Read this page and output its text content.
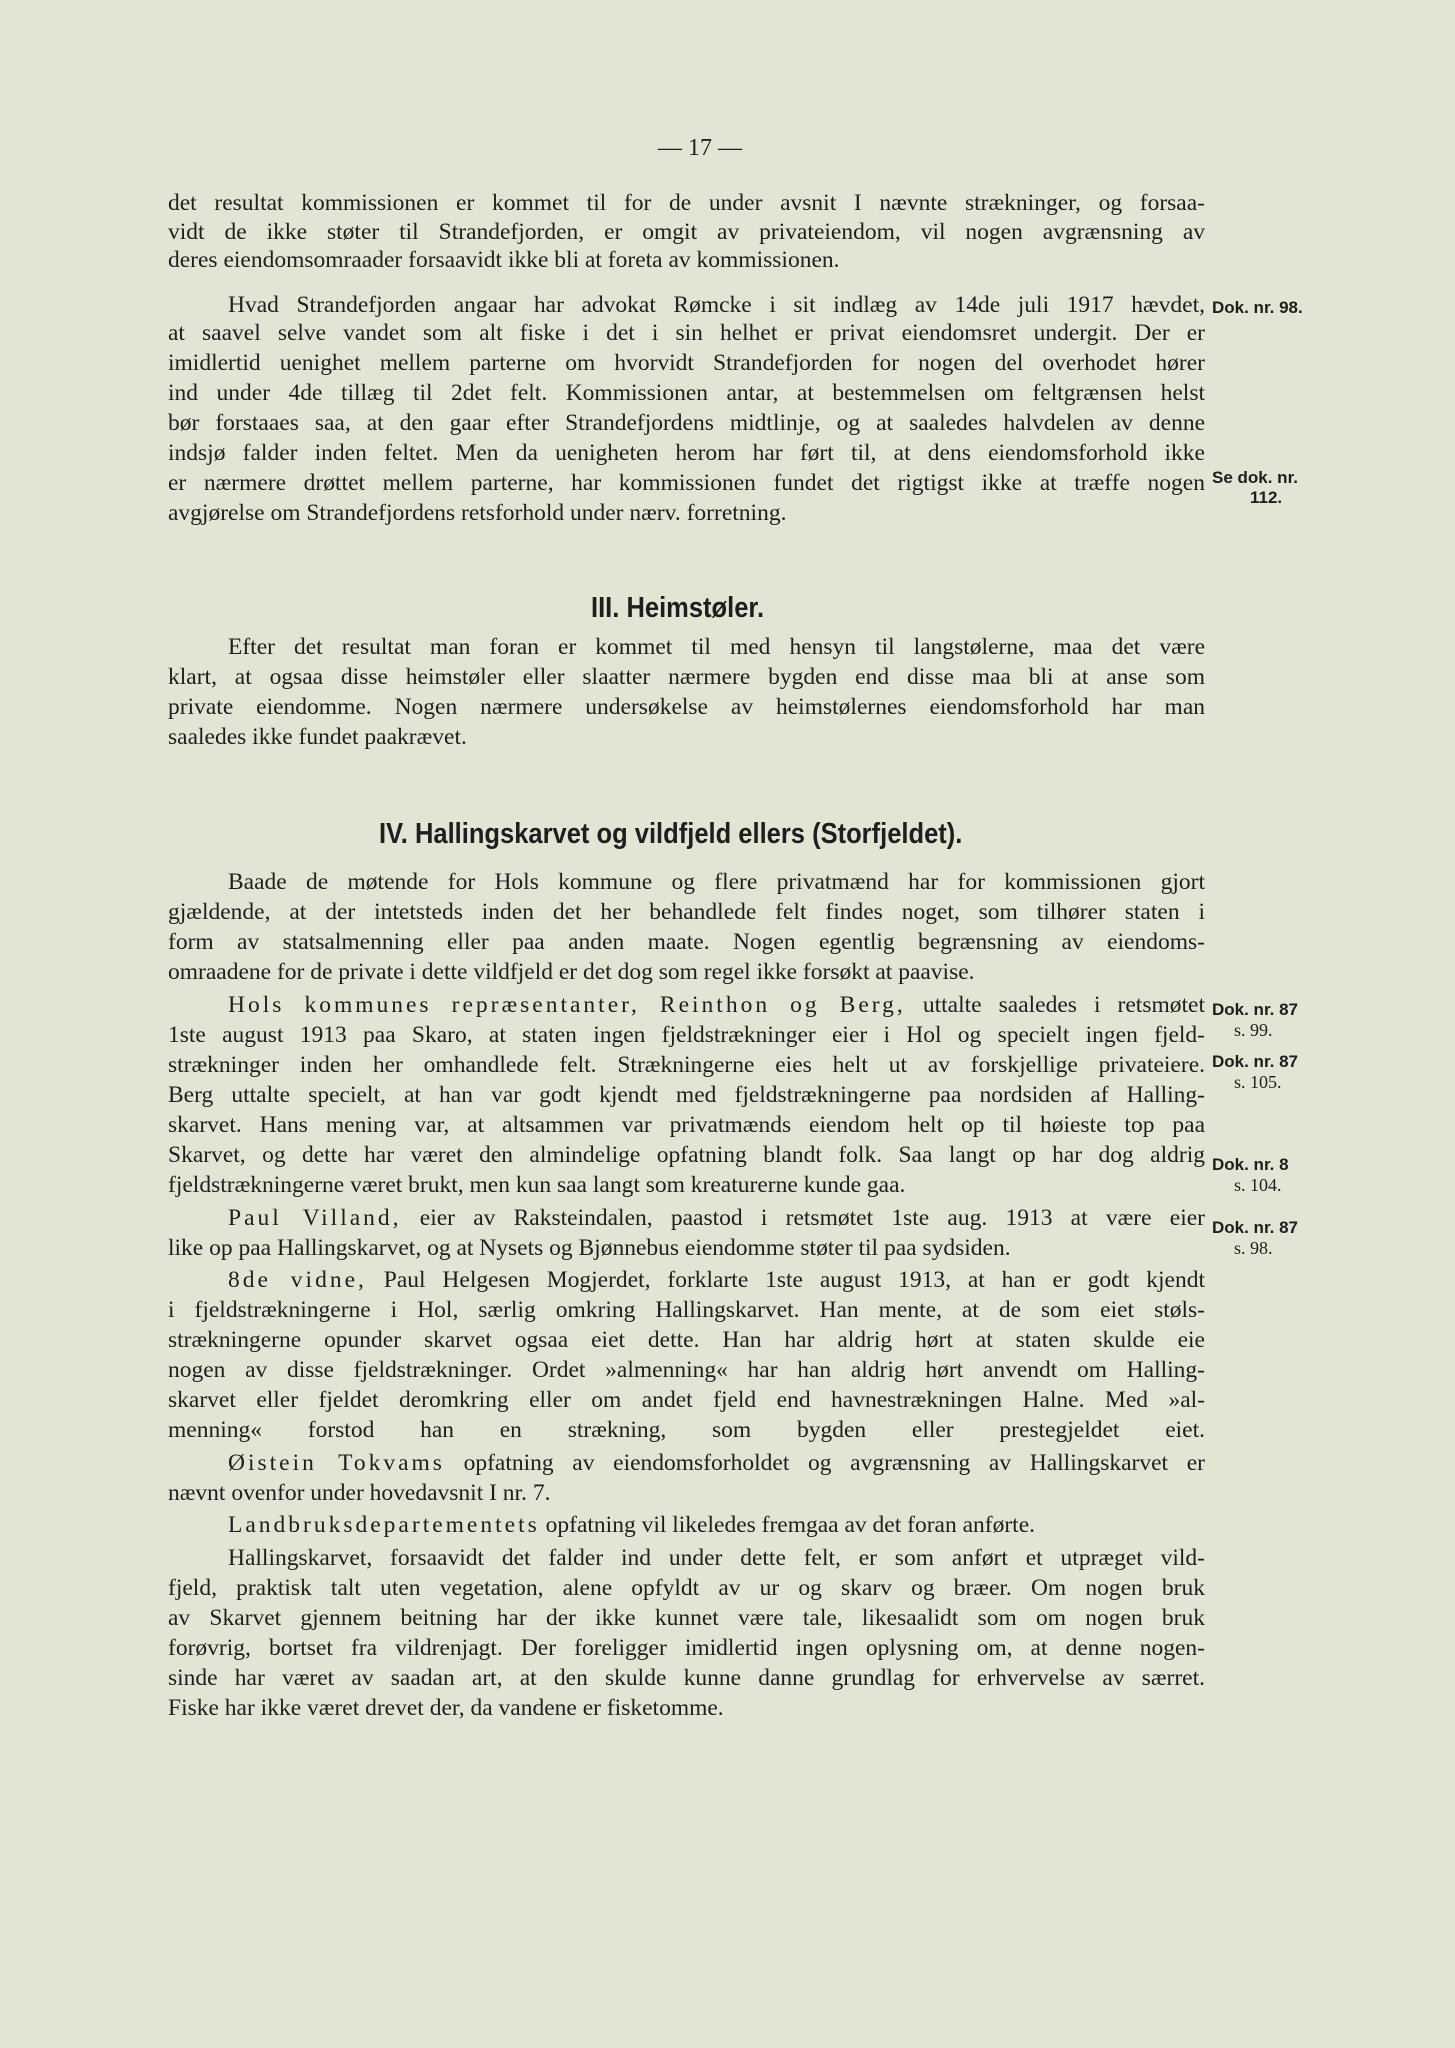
— 17 —
det resultat kommissionen er kommet til for de under avsnit I nævnte strækninger, og forsaa-
vidt de ikke støter til Strandefjorden, er omgit av privateiendom, vil nogen avgrænsning av
deres eiendomsomraader forsaavidt ikke bli at foreta av kommissionen.
Hvad Strandefjorden angaar har advokat Rømcke i sit indlæg av 14de juli 1917 hævdet,
at saavel selve vandet som alt fiske i det i sin helhet er privat eiendomsret undergit. Der er
imidlertid uenighet mellem parterne om hvorvidt Strandefjorden for nogen del overhodet hører
ind under 4de tillæg til 2det felt. Kommissionen antar, at bestemmelsen om feltgrænsen helst
bør forstaaes saa, at den gaar efter Strandefjordens midtlinje, og at saaledes halvdelen av denne
indsjø falder inden feltet. Men da uenigheten herom har ført til, at dens eiendomsforhold ikke
er nærmere drøttet mellem parterne, har kommissionen fundet det rigtigst ikke at træffe nogen
avgjørelse om Strandefjordens retsforhold under nærv. forretning.
Efter det resultat man foran er kommet til med hensyn til langstølerne, maa det være
klart, at ogsaa disse heimstøler eller slaatter nærmere bygden end disse maa bli at anse som
private eiendomme. Nogen nærmere undersøkelse av heimstølernes eiendomsforhold har man
saaledes ikke fundet paakrævet.
Baade de møtende for Hols kommune og flere privatmænd har for kommissionen gjort
gjældende, at der intetsteds inden det her behandlede felt findes noget, som tilhører staten i
form av statsalmenning eller paa anden maate. Nogen egentlig begrænsning av eiendoms-
omraadene for de private i dette vildfjeld er det dog som regel ikke forsøkt at paavise.
Hols kommunes repræsentanter, Reinthon og Berg, uttalte saaledes i retsmøtet
1ste august 1913 paa Skaro, at staten ingen fjeldstrækninger eier i Hol og specielt ingen fjeld-
strækninger inden her omhandlede felt. Strækningerne eies helt ut av forskjellige privateiere.
Berg uttalte specielt, at han var godt kjendt med fjeldstrækningerne paa nordsiden af Halling-
skarvet. Hans mening var, at altsammen var privatmænds eiendom helt op til høieste top paa
Skarvet, og dette har været den almindelige opfatning blandt folk. Saa langt op har dog aldrig
fjeldstrækningerne været brukt, men kun saa langt som kreaturerne kunde gaa.
Paul Villand, eier av Raksteindalen, paastod i retsmøtet 1ste aug. 1913 at være eier
like op paa Hallingskarvet, og at Nysets og Bjønnebus eiendomme støter til paa sydsiden.
8de vidne, Paul Helgesen Mogjerdet, forklarte 1ste august 1913, at han er godt kjendt
i fjeldstrækningerne i Hol, særlig omkring Hallingskarvet. Han mente, at de som eiet støls-
strækningerne opunder skarvet ogsaa eiet dette. Han har aldrig hørt at staten skulde eie
nogen av disse fjeldstrækninger. Ordet »almenning« har han aldrig hørt anvendt om Halling-
skarvet eller fjeldet deromkring eller om andet fjeld end havnestrækningen Halne. Med »al-
menning« forstod han en strækning, som bygden eller prestegjeldet eiet.
Øistein Tokvams opfatning av eiendomsforholdet og avgrænsning av Hallingskarvet er
nævnt ovenfor under hovedavsnit I nr. 7.
Landbruksdepartementets opfatning vil likeledes fremgaa av det foran anførte.
Hallingskarvet, forsaavidt det falder ind under dette felt, er som anført et utpræget vild-
fjeld, praktisk talt uten vegetation, alene opfyldt av ur og skarv og bræer. Om nogen bruk
av Skarvet gjennem beitning har der ikke kunnet være tale, likesaalidt som om nogen bruk
forøvrig, bortset fra vildrenjagt. Der foreligger imidlertid ingen oplysning om, at denne nogen-
sinde har været av saadan art, at den skulde kunne danne grundlag for erhvervelse av særret.
Fiske har ikke været drevet der, da vandene er fisketomme.
III. Heimstøler.
IV. Hallingskarvet og vildfjeld ellers (Storfjeldet).
Dok. nr. 98.
Se dok. nr.
112.
Dok. nr. 87
s. 99.
Dok. nr. 87
s. 105.
Dok. nr. 8
s. 104.
Dok. nr. 87
s. 98.
